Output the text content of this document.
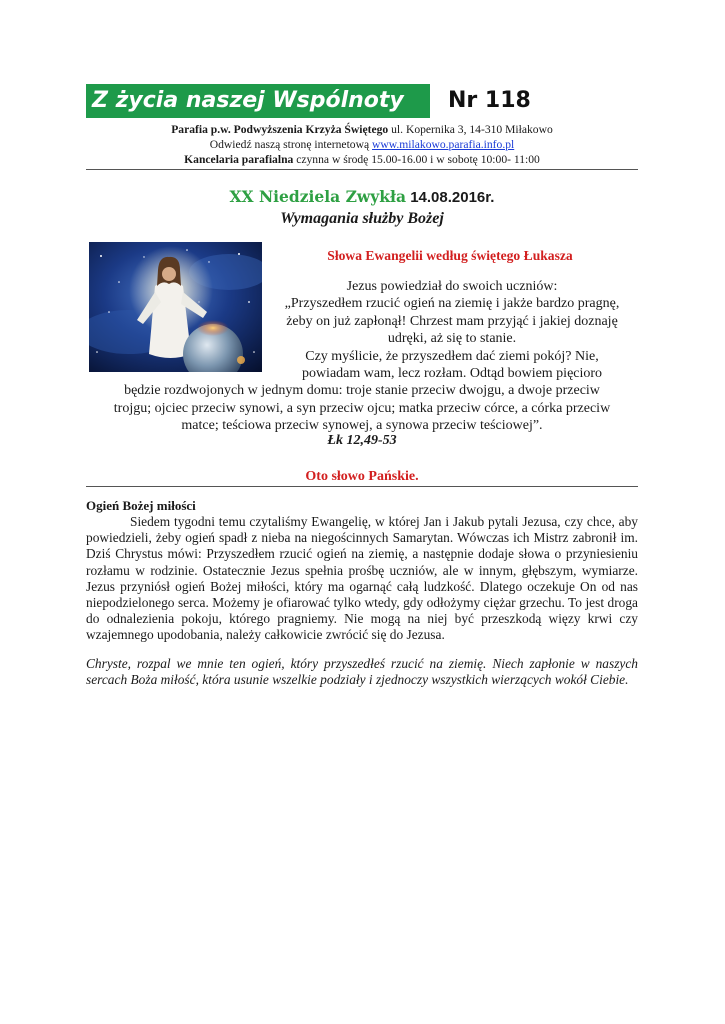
Z życia naszej Wspólnoty	Nr 118
Parafia p.w. Podwyższenia Krzyża Świętego ul. Kopernika 3, 14-310 Miłakowo
Odwiedź naszą stronę internetową www.milakowo.parafia.info.pl
Kancelaria parafialna czynna w środę 15.00-16.00 i w sobotę 10:00- 11:00
XX Niedziela Zwykła 14.08.2016r.
Wymagania służby Bożej
Słowa Ewangelii według świętego Łukasza
Jezus powiedział do swoich uczniów:
„Przyszedłem rzucić ogień na ziemię i jakże bardzo pragnę,
żeby on już zapłonął! Chrzest mam przyjąć i jakiej doznaję
udręki, aż się to stanie.
Czy myślicie, że przyszedłem dać ziemi pokój? Nie,
powiadam wam, lecz rozłam. Odtąd bowiem pięcioro
będzie rozdwojonych w jednym domu: troje stanie przeciw dwojgu, a dwoje przeciw
trojgu; ojciec przeciw synowi, a syn przeciw ojcu; matka przeciw córce, a córka przeciw
matce; teściowa przeciw synowej, a synowa przeciw teściowej”.
Łk 12,49-53
Oto słowo Pańskie.
Ogień Bożej miłości

Siedem tygodni temu czytaliśmy Ewangelię, w której Jan i Jakub pytali Jezusa, czy chce, aby powiedzieli, żeby ogień spadł z nieba na niegościnnych Samarytan. Wówczas ich Mistrz zabronił im. Dziś Chrystus mówi: Przyszedłem rzucić ogień na ziemię, a następnie dodaje słowa o przyniesieniu rozłamu w rodzinie. Ostatecznie Jezus spełnia prośbę uczniów, ale w innym, głębszym, wymiarze. Jezus przyniósł ogień Bożej miłości, który ma ogarnąć całą ludzkość. Dlatego oczekuje On od nas niepodzielonego serca. Możemy je ofiarować tylko wtedy, gdy odłożymy ciężar grzechu. To jest droga do odnalezienia pokoju, którego pragniemy. Nie mogą na niej być przeszkodą więzy krwi czy wzajemnego upodobania, należy całkowicie zwrócić się do Jezusa.

Chryste, rozpal we mnie ten ogień, który przyszedłeś rzucić na ziemię. Niech zapłonie w naszych sercach Boża miłość, która usunie wszelkie podziały i zjednoczy wszystkich wierzących wokół Ciebie.
